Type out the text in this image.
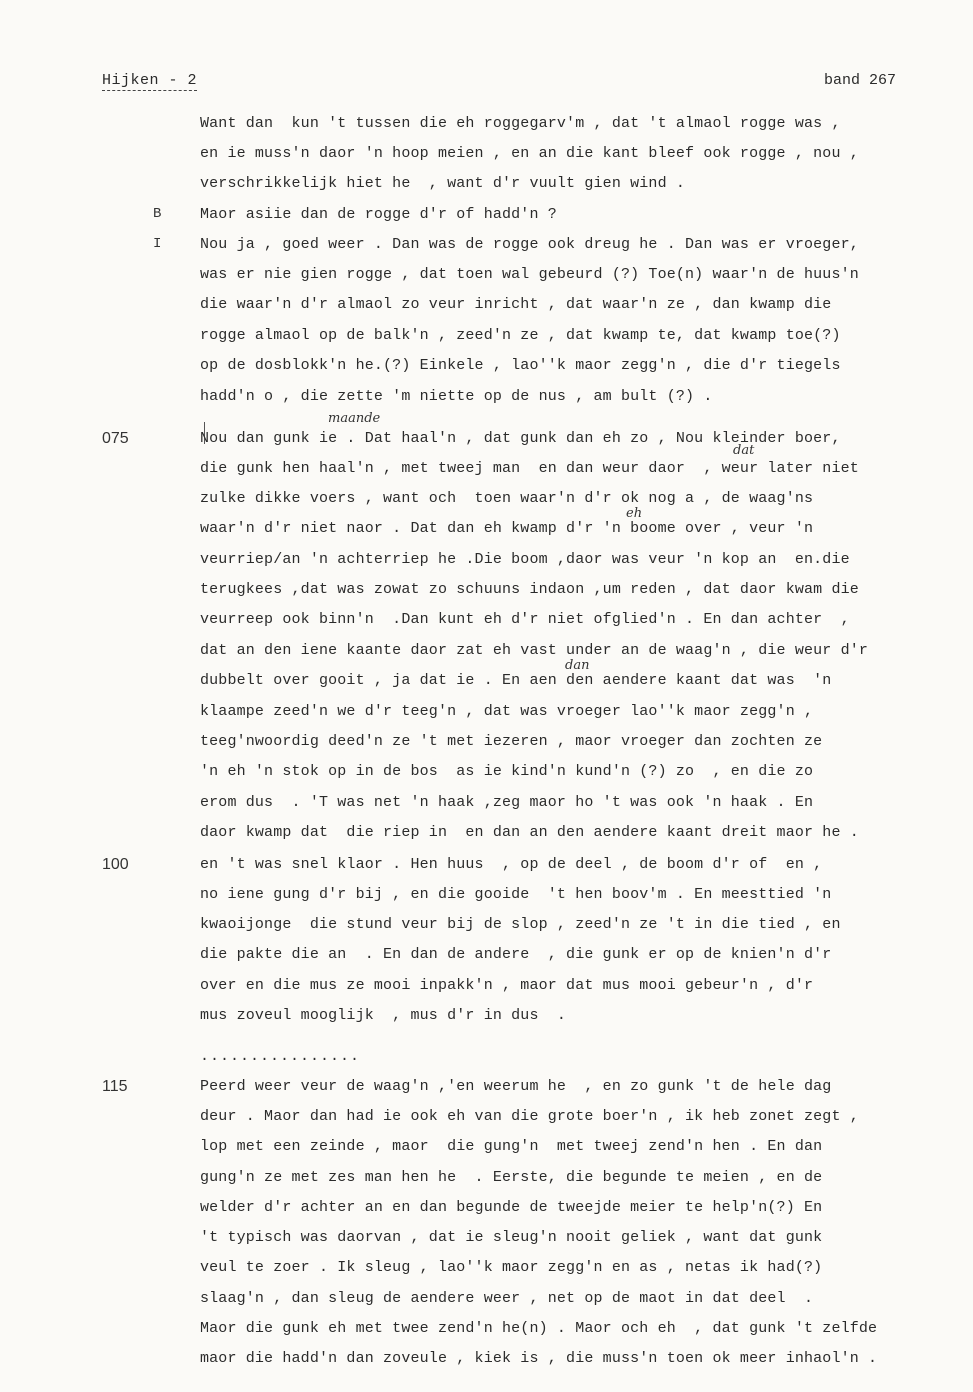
Hijken - 2	band 267
B
I
075
100
115
maande
dat
eh
dan
Want dan  kun 't tussen die eh roggegarv'm , dat 't almaol rogge was ,
en ie muss'n daor 'n hoop meien , en an die kant bleef ook rogge , nou ,
verschrikkelijk hiet he  , want d'r vuult gien wind .
Maor asiie dan de rogge d'r of hadd'n ?
Nou ja , goed weer . Dan was de rogge ook dreug he . Dan was er vroeger,
was er nie gien rogge , dat toen wal gebeurd (?) Toe(n) waar'n de huus'n
die waar'n d'r almaol zo veur inricht , dat waar'n ze , dan kwamp die
rogge almaol op de balk'n , zeed'n ze , dat kwamp te, dat kwamp toe(?)
op de dosblokk'n he.(?) Einkele , lao''k maor zegg'n , die d'r tiegels
hadd'n o , die zette 'm niette op de nus , am bult (?) .
Nou dan gunk ie . Dat haal'n , dat gunk dan eh zo , Nou kleinder boer,
die gunk hen haal'n , met tweej man  en dan weur daor  , weur later niet
zulke dikke voers , want och  toen waar'n d'r ok nog a , de waag'ns
waar'n d'r niet naor . Dat dan eh kwamp d'r 'n boome over , veur 'n
veurriep/an 'n achterriep he .Die boom ,daor was veur 'n kop an  en.die
terugkees ,dat was zowat zo schuuns indaon ,um reden , dat daor kwam die
veurreep ook binn'n  .Dan kunt eh d'r niet ofglied'n . En dan achter  ,
dat an den iene kaante daor zat eh vast under an de waag'n , die weur d'r
dubbelt over gooit , ja dat ie . En aen den aendere kaant dat was  'n
klaampe zeed'n we d'r teeg'n , dat was vroeger lao''k maor zegg'n ,
teeg'nwoordig deed'n ze 't met iezeren , maor vroeger dan zochten ze
'n eh 'n stok op in de bos  as ie kind'n kund'n (?) zo  , en die zo
erom dus  . 'T was net 'n haak ,zeg maor ho 't was ook 'n haak . En
daor kwamp dat  die riep in  en dan an den aendere kaant dreit maor he .
en 't was snel klaor . Hen huus  , op de deel , de boom d'r of  en ,
no iene gung d'r bij , en die gooide  't hen boov'm . En meesttied 'n
kwaoijonge  die stund veur bij de slop , zeed'n ze 't in die tied , en
die pakte die an  . En dan de andere  , die gunk er op de knien'n d'r
over en die mus ze mooi inpakk'n , maor dat mus mooi gebeur'n , d'r
mus zoveul mooglijk  , mus d'r in dus  .
Peerd weer veur de waag'n ,'en weerum he  , en zo gunk 't de hele dag
deur . Maor dan had ie ook eh van die grote boer'n , ik heb zonet zegt ,
lop met een zeinde , maor  die gung'n  met tweej zend'n hen . En dan
gung'n ze met zes man hen he  . Eerste, die begunde te meien , en de
welder d'r achter an en dan begunde de tweejde meier te help'n(?) En
't typisch was daorvan , dat ie sleug'n nooit geliek , want dat gunk
veul te zoer . Ik sleug , lao''k maor zegg'n en as , netas ik had(?)
slaag'n , dan sleug de aendere weer , net op de maot in dat deel  .
Maor die gunk eh met twee zend'n he(n) . Maor och eh  , dat gunk 't zelfde
maor die hadd'n dan zoveule , kiek is , die muss'n toen ok meer inhaol'n .
................
